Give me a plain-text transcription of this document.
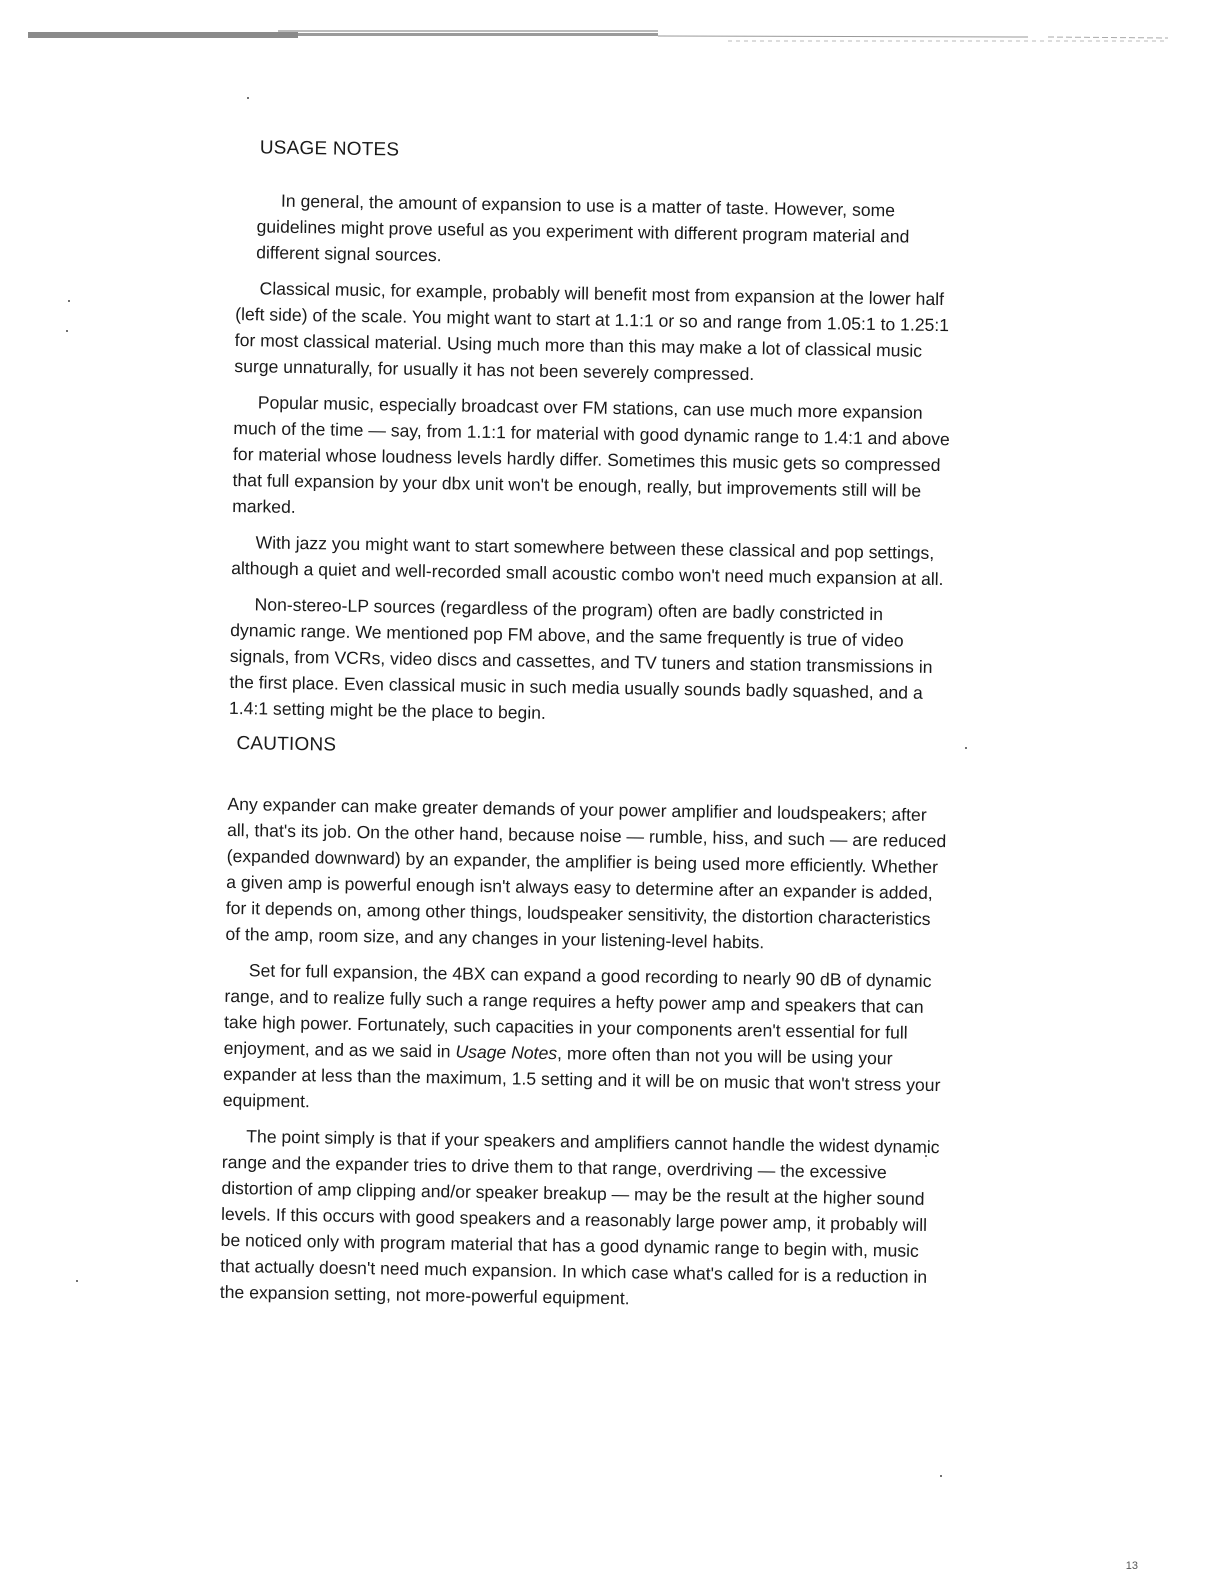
USAGE NOTES

In general, the amount of expansion to use is a matter of taste. However, some guidelines might prove useful as you experiment with different program material and different signal sources.

Classical music, for example, probably will benefit most from expansion at the lower half (left side) of the scale. You might want to start at 1.1:1 or so and range from 1.05:1 to 1.25:1 for most classical material. Using much more than this may make a lot of classical music surge unnaturally, for usually it has not been severely compressed.

Popular music, especially broadcast over FM stations, can use much more expansion much of the time — say, from 1.1:1 for material with good dynamic range to 1.4:1 and above for material whose loudness levels hardly differ. Sometimes this music gets so compressed that full expansion by your dbx unit won't be enough, really, but improvements still will be marked.

With jazz you might want to start somewhere between these classical and pop settings, although a quiet and well-recorded small acoustic combo won't need much expansion at all.

Non-stereo-LP sources (regardless of the program) often are badly constricted in dynamic range. We mentioned pop FM above, and the same frequently is true of video signals, from VCRs, video discs and cassettes, and TV tuners and station transmissions in the first place. Even classical music in such media usually sounds badly squashed, and a 1.4:1 setting might be the place to begin.

CAUTIONS

Any expander can make greater demands of your power amplifier and loudspeakers; after all, that's its job. On the other hand, because noise — rumble, hiss, and such — are reduced (expanded downward) by an expander, the amplifier is being used more efficiently. Whether a given amp is powerful enough isn't always easy to determine after an expander is added, for it depends on, among other things, loudspeaker sensitivity, the distortion characteristics of the amp, room size, and any changes in your listening-level habits.

Set for full expansion, the 4BX can expand a good recording to nearly 90 dB of dynamic range, and to realize fully such a range requires a hefty power amp and speakers that can take high power. Fortunately, such capacities in your components aren't essential for full enjoyment, and as we said in Usage Notes, more often than not you will be using your expander at less than the maximum, 1.5 setting and it will be on music that won't stress your equipment.

The point simply is that if your speakers and amplifiers cannot handle the widest dynamic range and the expander tries to drive them to that range, overdriving — the excessive distortion of amp clipping and/or speaker breakup — may be the result at the higher sound levels. If this occurs with good speakers and a reasonably large power amp, it probably will be noticed only with program material that has a good dynamic range to begin with, music that actually doesn't need much expansion. In which case what's called for is a reduction in the expansion setting, not more-powerful equipment.

13
